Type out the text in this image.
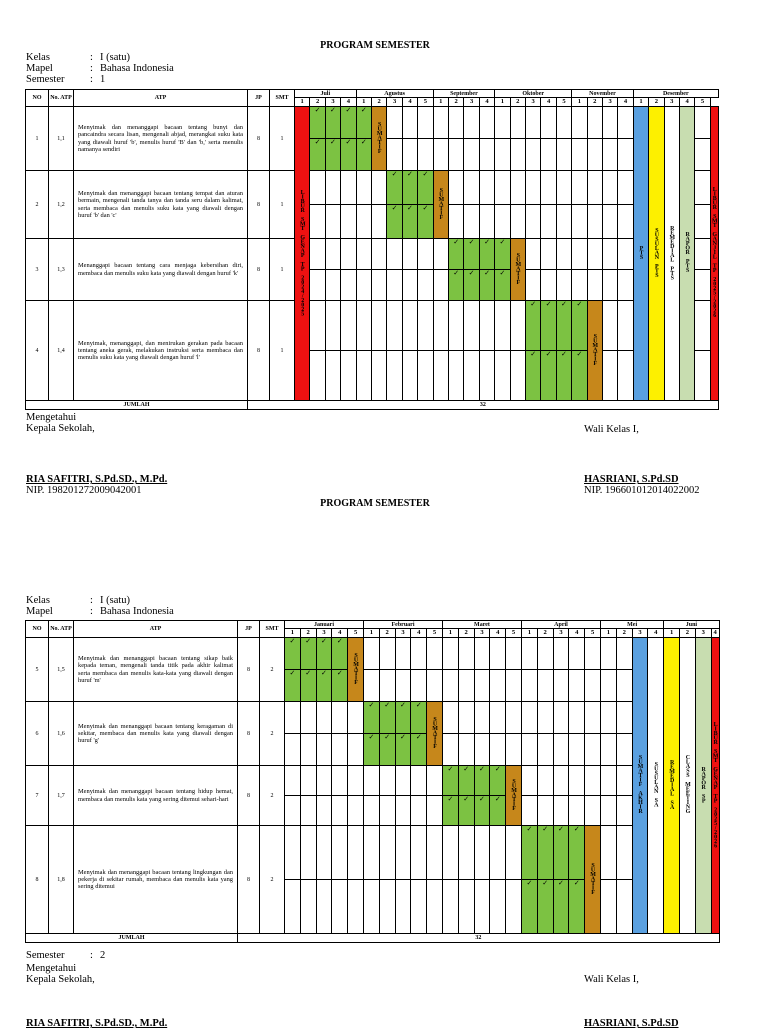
PROGRAM SEMESTER
Kelas	: I (satu)
Mapel	: Bahasa Indonesia
Semester : 1
NO	No. ATP	ATP	JP	SMT	Juli				Agustus					September				Oktober					November				Desember					
					1	2	3	4	1	2	3	4	5	1	2	3	4	1	2	3	4	5	1	2	3	4	1	2	3	4	5	
1	1,1	Menyimak dan menanggapi bacaan tentang bunyi dan pancaindra secara lisan, mengenali abjad, merangkai suku kata yang diawali huruf 'b', menulis huruf 'B' dan 'b,' serta menulis namanya sendiri	8	1	LIBUR SMT GENAP TP 2024/2025	✓	✓	✓	✓	SUMATIF																	PTS	SUSULAN PTS	REMEDIAL PTS	RAPOR PTS		LIBUR SMT GANJIL TP 2025/2026
						✓	✓	✓	✓																							
2	1,2	Menyimak dan menanggapi bacaan tentang tempat dan aturan bermain, mengenali tanda tanya dan tanda seru dalam kalimat, serta membaca dan menulis suku kata yang diawali dengan huruf 'b' dan 'c'	8	1							✓	✓	✓	SUMATIF																		
											✓	✓	✓																			
3	1,3	Menanggapi bacaan tentang cara menjaga kebersihan diri, membaca dan menulis suku kata yang diawali dengan huruf 'k'	8	1											✓	✓	✓	✓	SUMATIF													
															✓	✓	✓	✓														
4	1,4	Menyimak, menanggapi, dan menirukan gerakan pada bacaan tentang aneka gerak, melakukan instruksi serta membaca dan menulis suku kata yang diawali dengan huruf 'l'	8	1																✓	✓	✓	✓	SUMATIF								
																				✓	✓	✓	✓									
JUMLAH			32																													
Mengetahui
Kepala Sekolah,	Wali Kelas I,
RIA SAFITRI, S.Pd.SD., M.Pd.
NIP. 198201272009042001
HASRIANI, S.Pd.SD
NIP. 196601012014022002
PROGRAM SEMESTER
Kelas	: I (satu)
Mapel	: Bahasa Indonesia
NO	No. ATP	ATP	JP	SMT	Januari					Februari					Maret					April					Mei				Juni			
					1	2	3	4	5	1	2	3	4	5	1	2	3	4	5	1	2	3	4	5	1	2	3	4	1	2	3	4
5	1,5	Menyimak dan menanggapi bacaan tentang sikap baik kepada teman, mengenali tanda titik pada akhir kalimat serta membaca dan menulis kata-kata yang diawali dengan huruf 'm'	8	2	✓	✓	✓	✓	SUMATIF																		SUMATIF AKHIR	SUSULAN SA	REMEDIAL SA	CLASS MEETING	RAPOR SP	LIBUR SMT GENAP TP 2025/2026
					✓	✓	✓	✓																								
6	1,6	Menyimak dan menanggapi bacaan tentang keragaman di sekitar, membaca dan menulis kata yang diawali dengan huruf 'g'	8	2						✓	✓	✓	✓	SUMATIF																		
										✓	✓	✓	✓																			
7	1,7	Menyimak dan menanggapi bacaan tentang hidup hemat, membaca dan menulis kata yang sering ditemui sehari-hari	8	2											✓	✓	✓	✓	SUMATIF													
															✓	✓	✓	✓														
8	1,8	Menyimak dan menanggapi bacaan tentang lingkungan dan pekerja di sekitar rumah, membaca dan menulis kata yang sering ditemui	8	2																✓	✓	✓	✓	SUMATIF								
																				✓	✓	✓	✓									
JUMLAH			32																													
Semester : 2
Mengetahui
Kepala Sekolah,	Wali Kelas I,
RIA SAFITRI, S.Pd.SD., M.Pd.	HASRIANI, S.Pd.SD
